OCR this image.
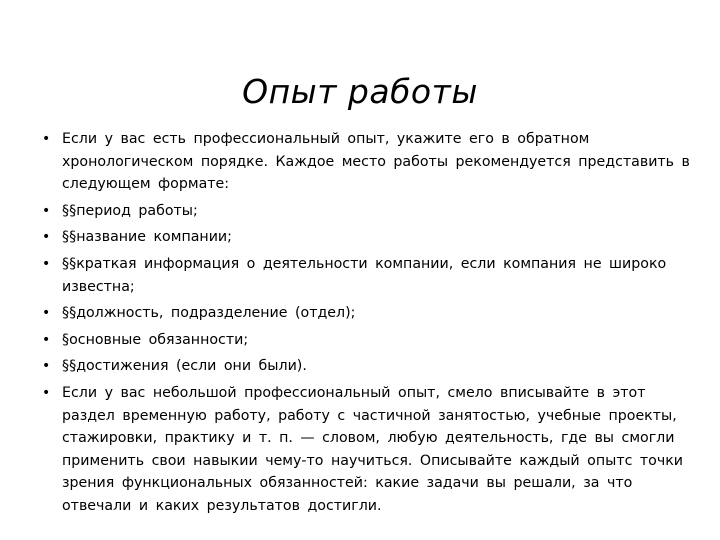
Опыт работы
• Если у вас есть профессиональный опыт, укажите его в обратном хронологическом порядке. Каждое место работы рекомендуется представить в следующем формате:
• §§период работы;
• §§название компании;
• §§краткая информация о деятельности компании, если компания не широко известна;
• §§должность, подразделение (отдел);
• §основные обязанности;
• §§достижения (если они были).
• Если у вас небольшой профессиональный опыт, смело вписывайте в этот раздел временную работу, работу с частичной занятостью, учебные проекты, стажировки, практику и т. п. — словом, любую деятельность, где вы смогли применить свои навыкии чему-то научиться. Описывайте каждый опытс точки зрения функциональных обязанностей: какие задачи вы решали, за что отвечали и каких результатов достигли.
